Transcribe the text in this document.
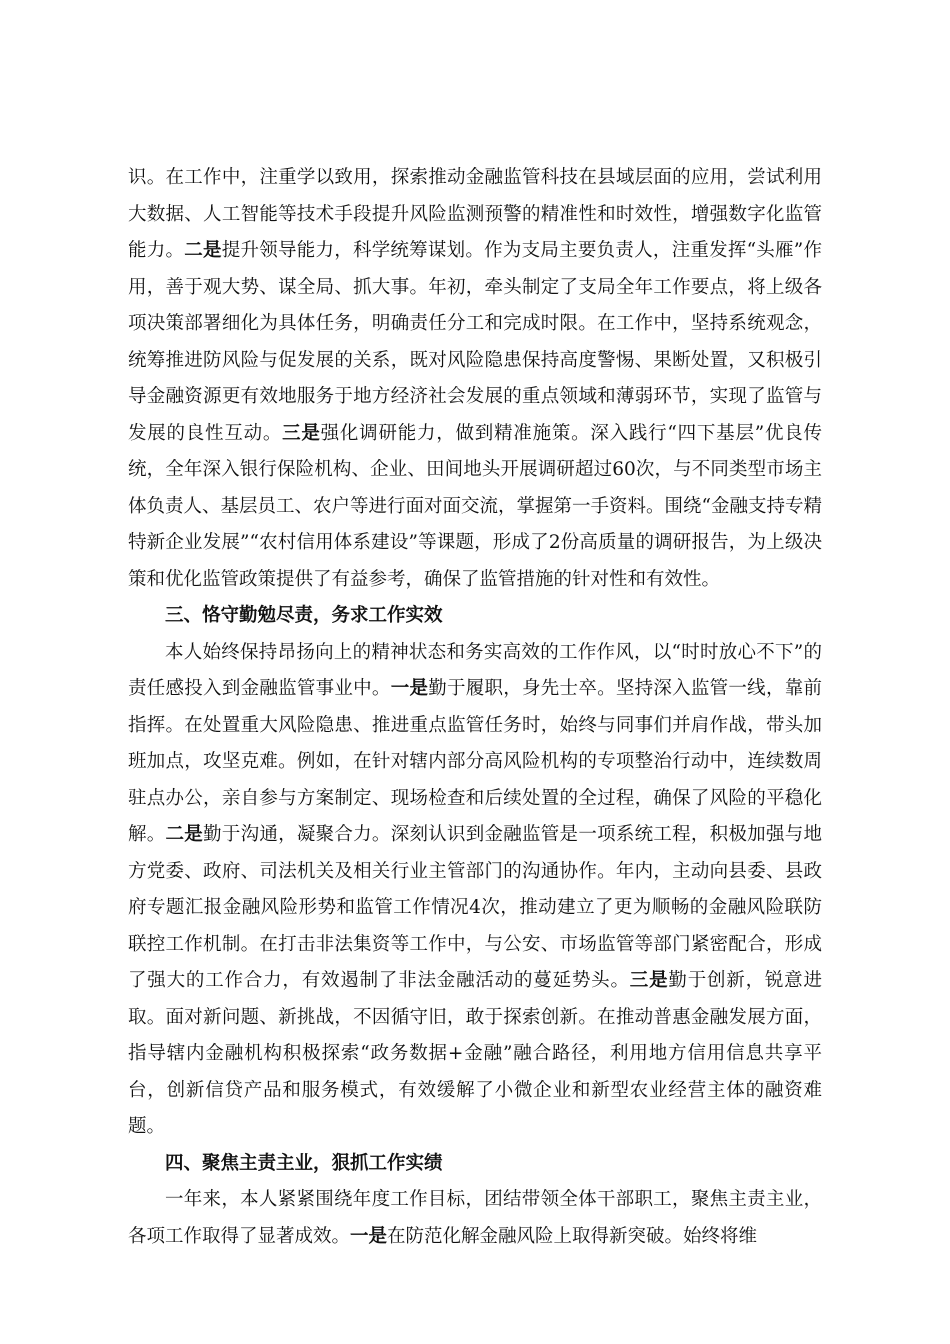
识。在工作中，注重学以致用，探索推动金融监管科技在县域层面的应用，尝试利用大数据、人工智能等技术手段提升风险监测预警的精准性和时效性，增强数字化监管能力。二是提升领导能力，科学统筹谋划。作为支局主要负责人，注重发挥“头雁”作用，善于观大势、谋全局、抓大事。年初，牵头制定了支局全年工作要点，将上级各项决策部署细化为具体任务，明确责任分工和完成时限。在工作中，坚持系统观念，统筹推进防风险与促发展的关系，既对风险隐患保持高度警惕、果断处置，又积极引导金融资源更有效地服务于地方经济社会发展的重点领域和薄弱环节，实现了监管与发展的良性互动。三是强化调研能力，做到精准施策。深入践行“四下基层”优良传统，全年深入银行保险机构、企业、田间地头开展调研超过60次，与不同类型市场主体负责人、基层员工、农户等进行面对面交流，掌握第一手资料。围绕“金融支持专精特新企业发展”“农村信用体系建设”等课题，形成了2份高质量的调研报告，为上级决策和优化监管政策提供了有益参考，确保了监管措施的针对性和有效性。

三、恪守勤勉尽责，务求工作实效

本人始终保持昂扬向上的精神状态和务实高效的工作作风，以“时时放心不下”的责任感投入到金融监管事业中。一是勤于履职，身先士卒。坚持深入监管一线，靠前指挥。在处置重大风险隐患、推进重点监管任务时，始终与同事们并肩作战，带头加班加点，攻坚克难。例如，在针对辖内部分高风险机构的专项整治行动中，连续数周驻点办公，亲自参与方案制定、现场检查和后续处置的全过程，确保了风险的平稳化解。二是勤于沟通，凝聚合力。深刻认识到金融监管是一项系统工程，积极加强与地方党委、政府、司法机关及相关行业主管部门的沟通协作。年内，主动向县委、县政府专题汇报金融风险形势和监管工作情况4次，推动建立了更为顺畅的金融风险联防联控工作机制。在打击非法集资等工作中，与公安、市场监管等部门紧密配合，形成了强大的工作合力，有效遏制了非法金融活动的蔓延势头。三是勤于创新，锐意进取。面对新问题、新挑战，不因循守旧，敢于探索创新。在推动普惠金融发展方面，指导辖内金融机构积极探索“政务数据+金融”融合路径，利用地方信用信息共享平台，创新信贷产品和服务模式，有效缓解了小微企业和新型农业经营主体的融资难题。

四、聚焦主责主业，狠抓工作实绩

一年来，本人紧紧围绕年度工作目标，团结带领全体干部职工，聚焦主责主业，各项工作取得了显著成效。一是在防范化解金融风险上取得新突破。始终将维
